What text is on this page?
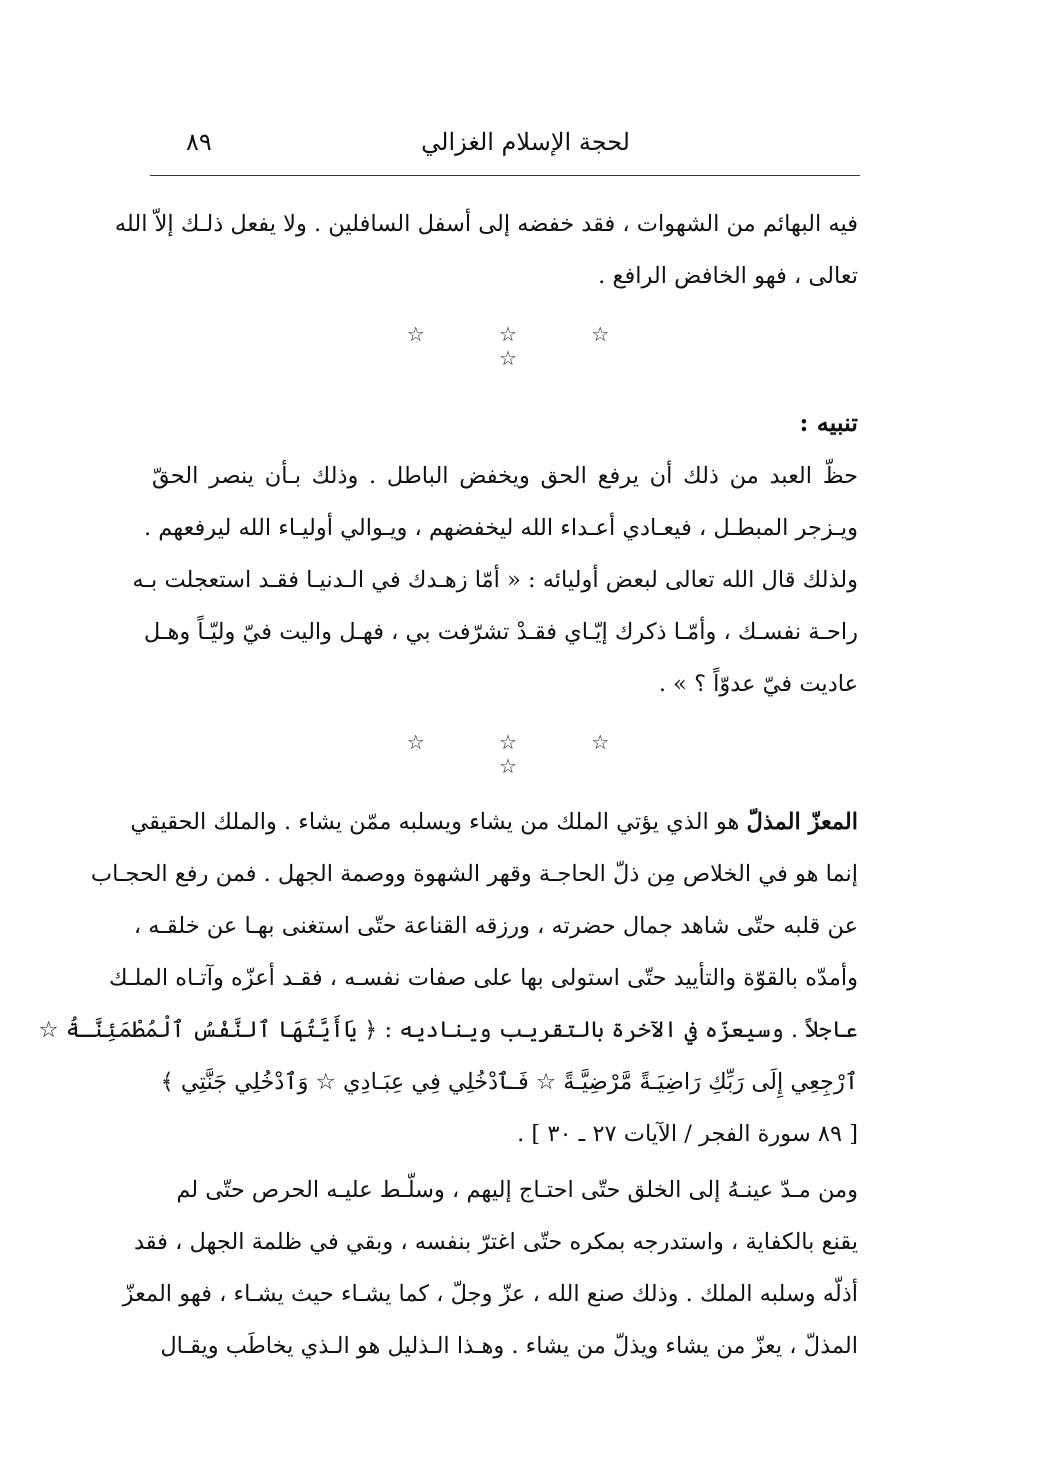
لحجة الإسلام الغزالي
٨٩
فيه البهائم من الشهوات ، فقد خفضه إلى أسفل السافلين . ولا يفعل ذلـك إلاّ الله
تعالى ، فهو الخافض الرافع .
☆ ☆ ☆ ☆
تنبيه :
حظّ العبد من ذلك أن يرفع الحق ويخفض الباطل . وذلك بـأن ينصر الحقّ
ويـزجر المبطـل ، فيعـادي أعـداء الله ليخفضهم ، ويـوالي أوليـاء الله ليرفعهم .
ولذلك قال الله تعالى لبعض أوليائه : « أمّا زهـدك في الـدنيـا فقـد استعجلت بـه
راحـة نفسـك ، وأمّـا ذكرك إيّـاي فقـدْ تشرّفت بي ، فهـل واليت فيّ وليّـاً وهـل
عاديت فيّ عدوّاً ؟ » .
☆ ☆ ☆ ☆
المعزّ المذلّ هو الذي يؤتي الملك من يشاء ويسلبه ممّن يشاء . والملك الحقيقي
إنما هو في الخلاص مِن ذلّ الحاجـة وقهر الشهوة ووصمة الجهل . فمن رفع الحجـاب
عن قلبه حتّى شاهد جمال حضرته ، ورزقه القناعة حتّى استغنى بهـا عن خلقـه ،
وأمدّه بالقوّة والتأييد حتّى استولى بها على صفات نفسـه ، فقـد أعزّه وآتـاه الملـك
عاجلاً . وسيعزّه في الآخرة بالتقريب ويناديه : ﴿ يَاأَيَّتُهَا ٱلنَّفْسُ ٱلْمُطْمَئِنَّـةُ ☆
ٱرْجِعِي إِلَى رَبِّكِ رَاضِيَـةً مَّرْضِيَّـةً ☆ فَـٱدْخُلِي فِي عِبَـادِي ☆ وَٱدْخُلِي جَنَّتِي ﴾
[ ٨٩ سورة الفجر / الآيات ٢٧ ـ ٣٠ ] .
ومن مـدّ عينـهُ إلى الخلق حتّى احتـاج إليهم ، وسلّـط عليـه الحرص حتّى لم
يقنع بالكفاية ، واستدرجه بمكره حتّى اغترّ بنفسه ، وبقي في ظلمة الجهل ، فقد
أذلّه وسلبه الملك . وذلك صنع الله ، عزّ وجلّ ، كما يشـاء حيث يشـاء ، فهو المعزّ
المذلّ ، يعزّ من يشاء ويذلّ من يشاء . وهـذا الـذليل هو الـذي يخاطَب ويقـال
